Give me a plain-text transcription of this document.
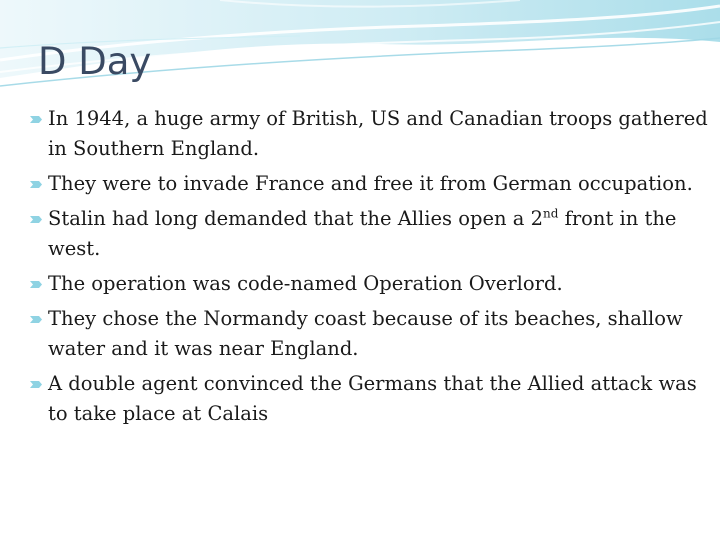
D Day
In 1944, a huge army of British, US and Canadian troops gathered in Southern England.
They were to invade France and free it from German occupation.
Stalin had long demanded that the Allies open a 2nd front in the west.
The operation was code-named Operation Overlord.
They chose the Normandy coast because of its beaches, shallow water and it was near England.
A double agent convinced the Germans that the Allied attack was to take place at Calais
